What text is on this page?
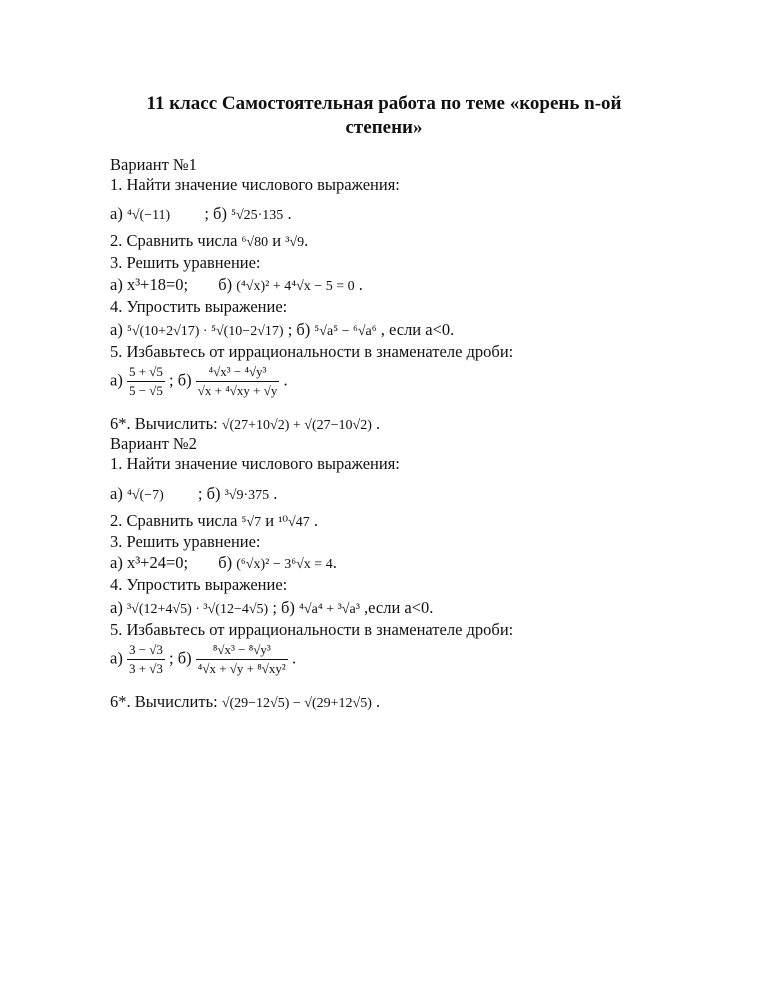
11 класс Самостоятельная работа по теме «корень n-ой степени»
Вариант №1
1. Найти значение числового выражения:
а) ⁴√(−11) ; б) ⁵√25·135 .
2. Сравнить числа ⁶√80 и ³√9.
3. Решить уравнение:
а) x³+18=0; б) (⁴√x)² + 4⁴√x − 5 = 0 .
4. Упростить выражение:
а) ⁵√(10+2√17) · ⁵√(10−2√17) ; б) ⁵√a⁵ − ⁶√a⁶ , если a<0.
5. Избавьтесь от иррациональности в знаменателе дроби:
$а) \frac{5 + √5}{5 - √5}$ ; $б) \frac{\text{⁴√x³ − ⁴√y³}}{\text{√x + ⁴√xy + √y}}$ .
6*. Вычислить: √(27+10√2) + √(27−10√2) .
Вариант №2
1. Найти значение числового выражения:
а) ⁴√(−7) ; б) ³√9·375 .
2. Сравнить числа ⁵√7 и ¹⁰√47 .
3. Решить уравнение:
а) x³+24=0; б) (⁶√x)² − 3⁶√x = 4.
4. Упростить выражение:
а) ³√(12+4√5) · ³√(12−4√5) ; б) ⁴√a⁴ + ³√a³ ,если a<0.
5. Избавьтесь от иррациональности в знаменателе дроби:
$а) \frac{3 - √3}{3 + √3}$ ; $б) \frac{\text{⁸√x³ − ⁸√y³}}{\text{⁴√x + √y + ⁸√xy²}}$ .
6*. Вычислить: √(29−12√5) − √(29+12√5) .
